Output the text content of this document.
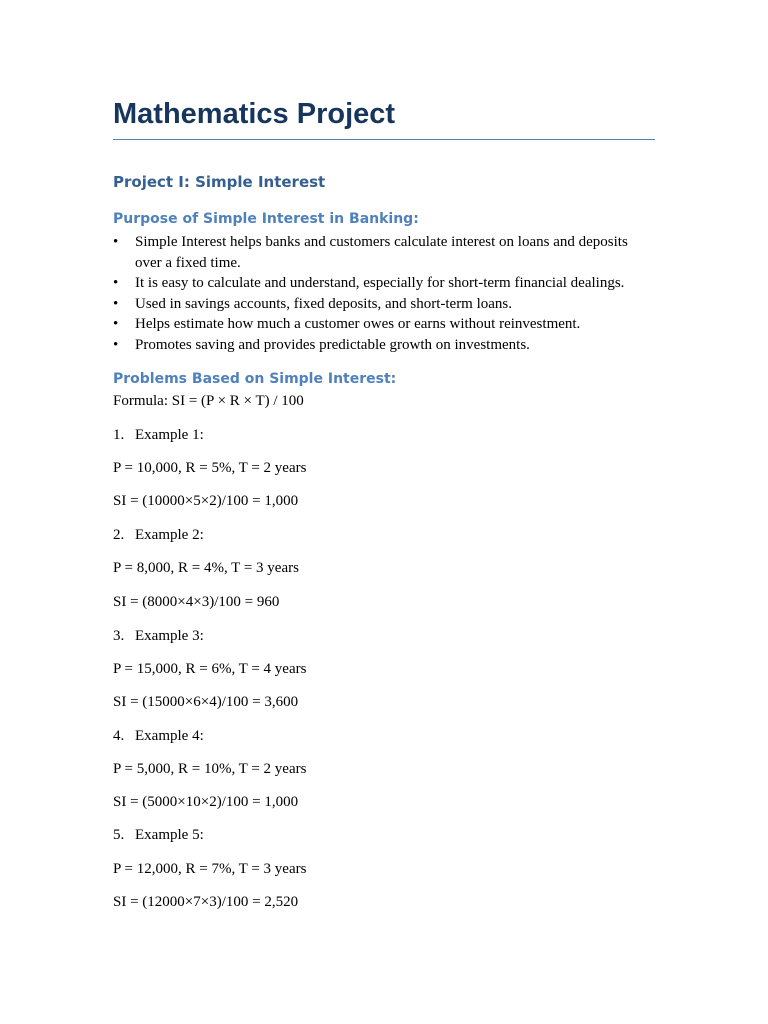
Mathematics Project
Project I: Simple Interest
Purpose of Simple Interest in Banking:
• Simple Interest helps banks and customers calculate interest on loans and deposits over a fixed time.
• It is easy to calculate and understand, especially for short-term financial dealings.
• Used in savings accounts, fixed deposits, and short-term loans.
• Helps estimate how much a customer owes or earns without reinvestment.
• Promotes saving and provides predictable growth on investments.
Problems Based on Simple Interest:

Formula: SI = (P × R × T) / 100

1. Example 1:

P = 10,000, R = 5%, T = 2 years

SI = (10000×5×2)/100 = 1,000

2. Example 2:

P = 8,000, R = 4%, T = 3 years

SI = (8000×4×3)/100 = 960

3. Example 3:

P = 15,000, R = 6%, T = 4 years

SI = (15000×6×4)/100 = 3,600

4. Example 4:

P = 5,000, R = 10%, T = 2 years

SI = (5000×10×2)/100 = 1,000

5. Example 5:

P = 12,000, R = 7%, T = 3 years

SI = (12000×7×3)/100 = 2,520
